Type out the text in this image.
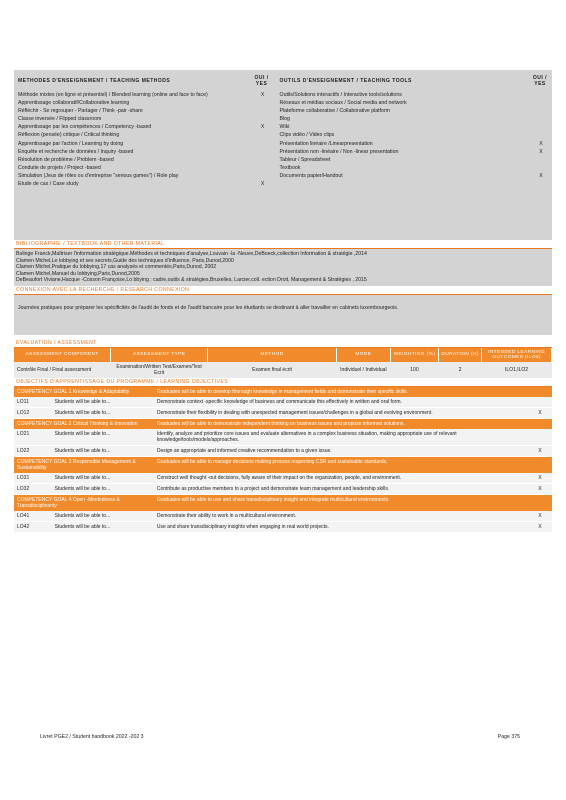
METHODES D'ENSEIGNEMENT / TEACHING METHODS	OUI / YES
Méthode mixtes (en ligne et présentiel) / Blended learning (online and face to face)	X
Apprentissage collaboratif/Collaborative learning
Réfléchir - Se regrouper - Partager / Think -pair -share
Classe inversée / Flipped classroom
Apprentissage par les compétences / Competency -based	X
Réflexion (pensée) critique / Critical thinking
Apprentissage par l'action / Learning by doing
Enquête et recherche de données / Inquiry -based
Résolution de problème / Problem -based
Conduite de projets / Project -based
Simulation (Jeux de rôles ou d'entreprise "serious games") / Role play
Etude de cas / Case study	X
OUTILS D'ENSEIGNEMENT / TEACHING TOOLS	OUI / YES
Outils/Solutions interactifs / Interactive tools/solutions
Réseaux et médias sociaux / Social media and network
Plateforme collaborative / Collaborative platform
Blog
Wiki
Clips vidéo / Video clips
Présentation linéaire /Linearpresentation	X
Présentation non -linéaire / Non -linear presentation	X
Tableur / Spreadsheet
Textbook
Documents papier/Handout	X
BIBLIOGRAPHIE / TEXTBOOK AND OTHER MATERIAL
Bulinge Franck,Maîtriser l'information stratégique.Méthodes et techniques d'analyse,Louvain -la -Neuve,DeBoeck,collection Information & stratégie ,2014
Clamen Michel,Le lobbying et ses secrets,Guide des techniques d'influence, Paris,Dunod,2000
Clamen Michel,Pratique du lobbying,17 cas analysés et commentés,Paris,Dunod, 2002
Clamen Michel,Manuel du lobbying,Paris,Dunod,2005
DeBeaufort Viviane,Hacque -Cosson Françoise,Lo bbying : cadre,outils & stratégies,Bruxelles, Larcier,coll. ection Droit, Management & Stratégies , 2015
CONNEXION AVEC LA RECHERCHE / RESEARCH CONNEXION
Journées pratiques pour préparer les spécificités de l'audit de fonds et de l'audit bancaire pour les étudiants se destinant à aller travailler en cabinets luxembourgeois.
EVALUATION / ASSESSMENT
ASSESSMENT COMPONENT	ASSESSMENT TYPE	METHOD	MODE	WEIGHTING (%)	DURATION (H)	INTENDED LEARNING OUTCOMES (ILOs)
Contrôle Final / Final assessment	Examination/Written Test/Examen/Test Ecrit	Examen final écrit	Individuel / Individual	100	2	ILO1,ILO2
OBJECTIFS D'APPRENTISSAGE DU PROGRAMME / LEARNING OBJECTIVES
COMPETENCY GOAL 1 Knowledge & Adaptability		Graduates will be able to develop thorough knowledge in management fields and demonstrate their specific skills.	
LO11	Students will be able to...	Demonstrate context -specific knowledge of business and communicate this effectively in written and oral form.	
LO12	Students will be able to...	Demonstrate their flexibility in dealing with unexpected management issues/challenges in a global and evolving environment.	X
COMPETENCY GOAL 2 Critical Thinking & Innovation		Graduates will be able to demonstrate independent thinking on business issues and propose informed solutions.	
LO21	Students will be able to...	Identify, analyze and prioritize core issues and evaluate alternatives in a complex business situation, making appropriate use of relevant knowledge/tools/models/approaches.	
LO22	Students will be able to...	Design an appropriate and informed creative recommendation to a given issue.	X
COMPETENCY GOAL 3 Responsible Management & Sustainability		Graduates will be able to manage decisions making process respecting CSR and sustainable standards.	
LO31	Students will be able to...	Construct well thought -out decisions, fully aware of their impact on the organization, people, and environment.	X
LO32	Students will be able to...	Contribute as productive members to a project and demonstrate team management and leadership skills.	X
COMPETENCY GOAL 4 Open -Mindedness & Transdisciplinarity		Graduates will be able to use and share transdisciplinary insight and integrate multicultural environments.	
LO41	Students will be able to...	Demonstrate their ability to work in a multicultural environment.	X
LO42	Students will be able to...	Use and share transdisciplinary insights when engaging in real world projects.	X
Livret PGE2 / Student handbook 2022 -202 3	Page 375
